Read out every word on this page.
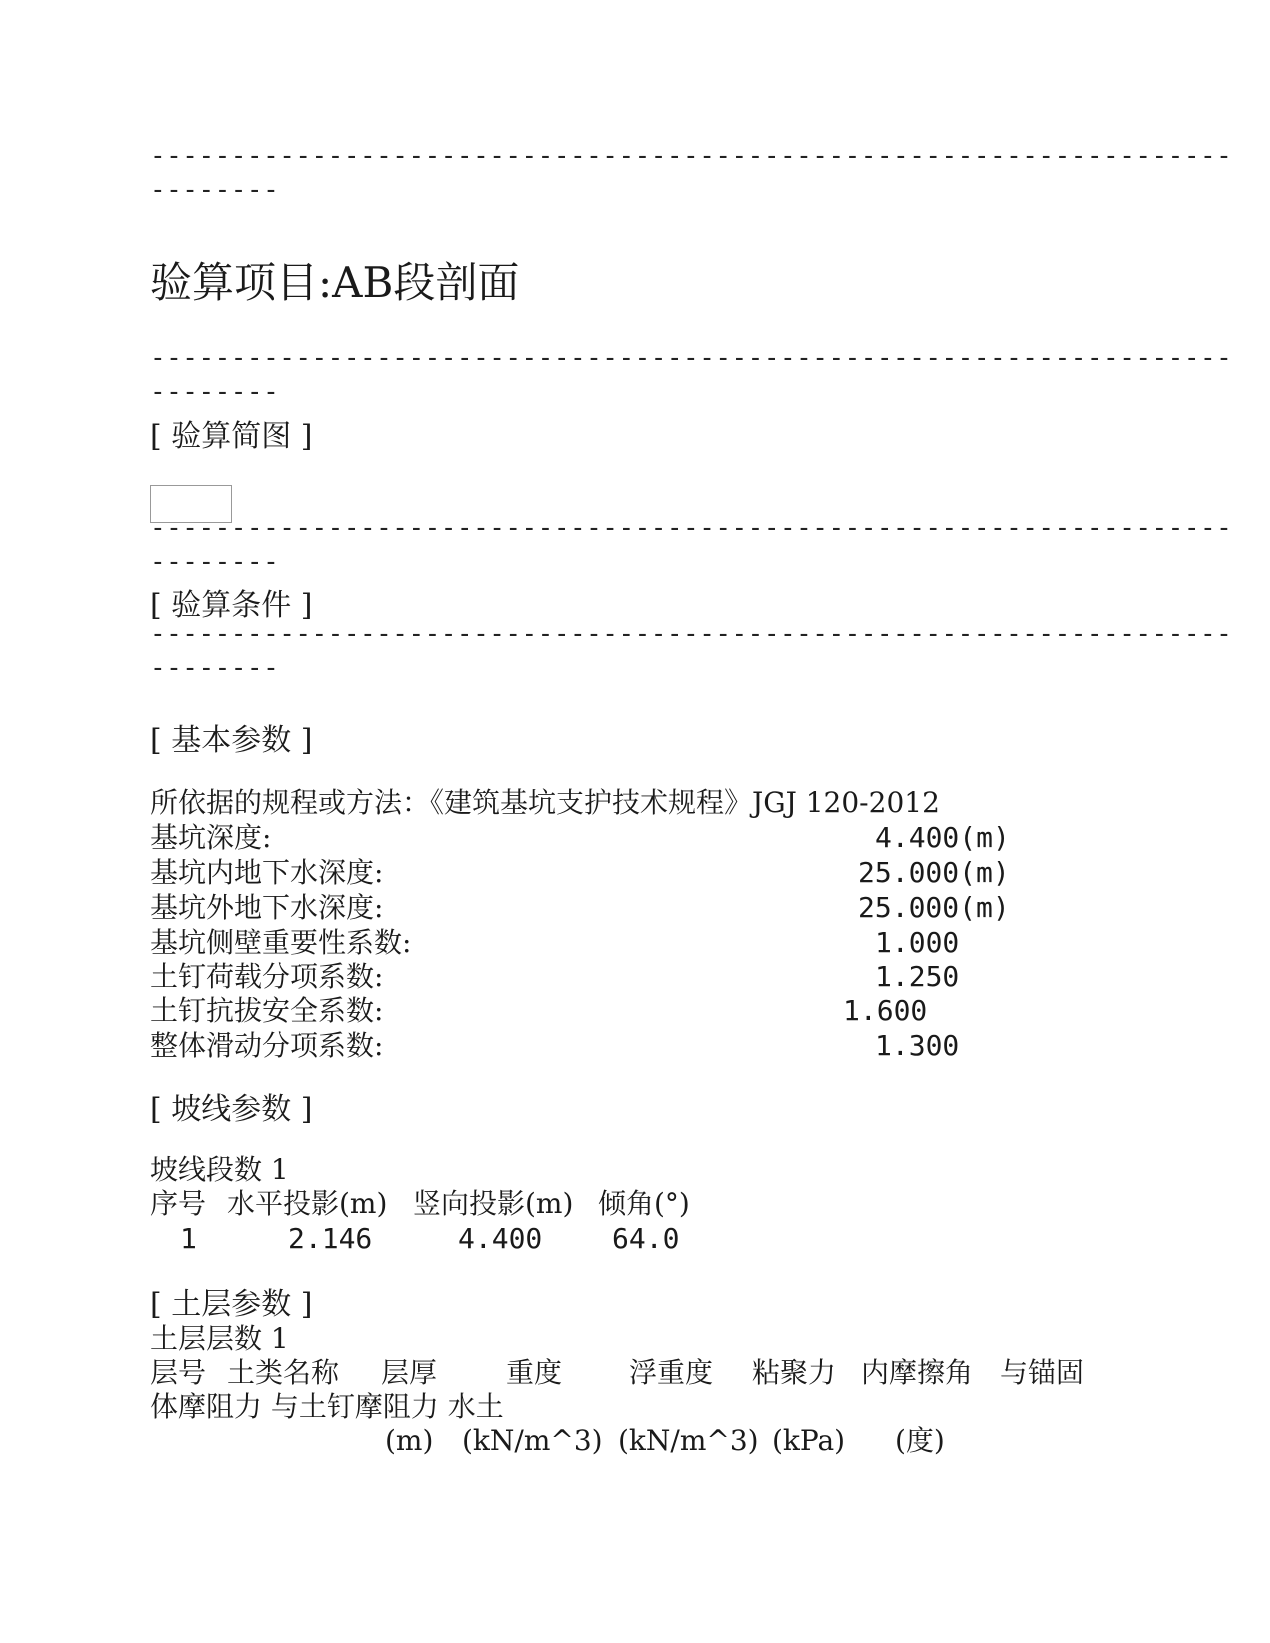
-------------------------------------------------------------------
--------
验算项目:AB段剖面
-------------------------------------------------------------------
--------
[ 验算简图 ]
-------------------------------------------------------------------
--------
[ 验算条件 ]
-------------------------------------------------------------------
--------
[ 基本参数 ]
所依据的规程或方法：《建筑基坑支护技术规程》JGJ 120-2012
基坑深度:	4.400(m)
基坑内地下水深度:	25.000(m)
基坑外地下水深度:	25.000(m)
基坑侧壁重要性系数:	1.000
土钉荷载分项系数:	1.250
土钉抗拔安全系数:	1.600
整体滑动分项系数:	1.300
[ 坡线参数 ]
坡线段数 1
序号 水平投影(m) 竖向投影(m) 倾角(°)
1	2.146	4.400 64.0
[ 土层参数 ]
土层层数 1
层号 土类名称 层厚 重度 浮重度 粘聚力 内摩擦角 与锚固
体摩阻力 与土钉摩阻力 水土
(m) (kN/m^3) (kN/m^3) (kPa) (度)
